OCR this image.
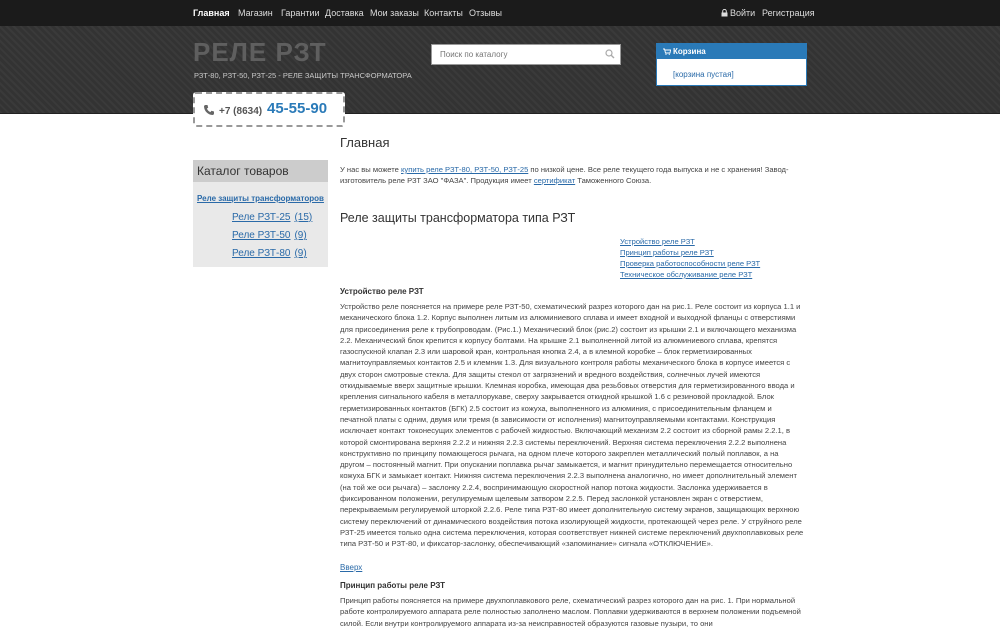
Главная Магазин Гарантии Доставка Мои заказы Контакты Отзывы	Войти Регистрация
РЕЛЕ РЗТ
РЗТ-80, РЗТ-50, РЗТ-25 - РЕЛЕ ЗАЩИТЫ ТРАНСФОРМАТОРА
Поиск по каталогу
+7 (8634) 45-55-90
Корзина
[корзина пустая]
Каталог товаров
Реле защиты трансформаторов
Реле РЗТ-25 (15)
Реле РЗТ-50 (9)
Реле РЗТ-80 (9)
Главная
У нас вы можете купить реле РЗТ-80, РЗТ-50, РЗТ-25 по низкой цене. Все реле текущего года выпуска и не с хранения! Завод-изготовитель реле РЗТ ЗАО "ФАЗА". Продукция имеет сертификат Таможенного Союза.
Реле защиты трансформатора типа РЗТ
Устройство реле РЗТ
Принцип работы реле РЗТ
Проверка работоспособности реле РЗТ
Техническое обслуживание реле РЗТ
Устройство реле РЗТ
Устройство реле поясняется на примере реле РЗТ-50, схематический разрез которого дан на рис.1. Реле состоит из корпуса 1.1 и механического блока 1.2. Корпус выполнен литым из алюминиевого сплава и имеет входной и выходной фланцы с отверстиями для присоединения реле к трубопроводам. (Рис.1.) Механический блок (рис.2) состоит из крышки 2.1 и включающего механизма 2.2. Механический блок крепится к корпусу болтами. На крышке 2.1 выполненной литой из алюминиевого сплава, крепятся газоспускной клапан 2.3 или шаровой кран, контрольная кнопка 2.4, а в клемной коробке – блок герметизированных магнитоуправляемых контактов 2.5 и клемник 1.3. Для визуального контроля работы механического блока в корпусе имеется с двух сторон смотровые стекла. Для защиты стекол от загрязнений и вредного воздействия, солнечных лучей имеются откидываемые вверх защитные крышки. Клемная коробка, имеющая два резьбовых отверстия для герметизированного ввода и крепления сигнального кабеля в металлорукаве, сверху закрывается откидной крышкой 1.6 с резиновой прокладкой. Блок герметизированных контактов (БГК) 2.5 состоит из кожуха, выполненного из алюминия, с присоединительным фланцем и печатной платы с одним, двумя или тремя (в зависимости от исполнения) магнитоуправляемыми контактами. Конструкция исключает контакт токонесущих элементов с рабочей жидкостью. Включающий механизм 2.2 состоит из сборной рамы 2.2.1, в которой смонтирована верхняя 2.2.2 и нижняя 2.2.3 системы переключений. Верхняя система переключения 2.2.2 выполнена конструктивно по принципу помающегося рычага, на одном плече которого закреплен металлический полый поплавок, а на другом – постоянный магнит. При опускании поплавка рычаг замыкается, и магнит принудительно перемещается относительно кожуха БГК и замыкает контакт. Нижняя система переключения 2.2.3 выполнена аналогично, но имеет дополнительный элемент (на той же оси рычага) – заслонку 2.2.4, воспринимающую скоростной напор потока жидкости. Заслонка удерживается в фиксированном положении, регулируемым щелевым затвором 2.2.5. Перед заслонкой установлен экран с отверстием, перекрываемым регулируемой шторкой 2.2.6. Реле типа РЗТ-80 имеет дополнительную систему экранов, защищающих верхнюю систему переключений от динамического воздействия потока изолирующей жидкости, протекающей через реле. У струйного реле РЗТ-25 имеется только одна система переключения, которая соответствует нижней системе переключений двухпоплавковых реле типа РЗТ-50 и РЗТ-80, и фиксатор-заслонку, обеспечивающий «запоминание» сигнала «ОТКЛЮЧЕНИЕ».
Вверх
Принцип работы реле РЗТ
Принцип работы поясняется на примере двухпоплавкового реле, схематический разрез которого дан на рис. 1. При нормальной работе контролируемого аппарата реле полностью заполнено маслом. Поплавки удерживаются в верхнем положении подъемной силой. Если внутри контролируемого аппарата из-за неисправностей образуются газовые пузыри, то они
